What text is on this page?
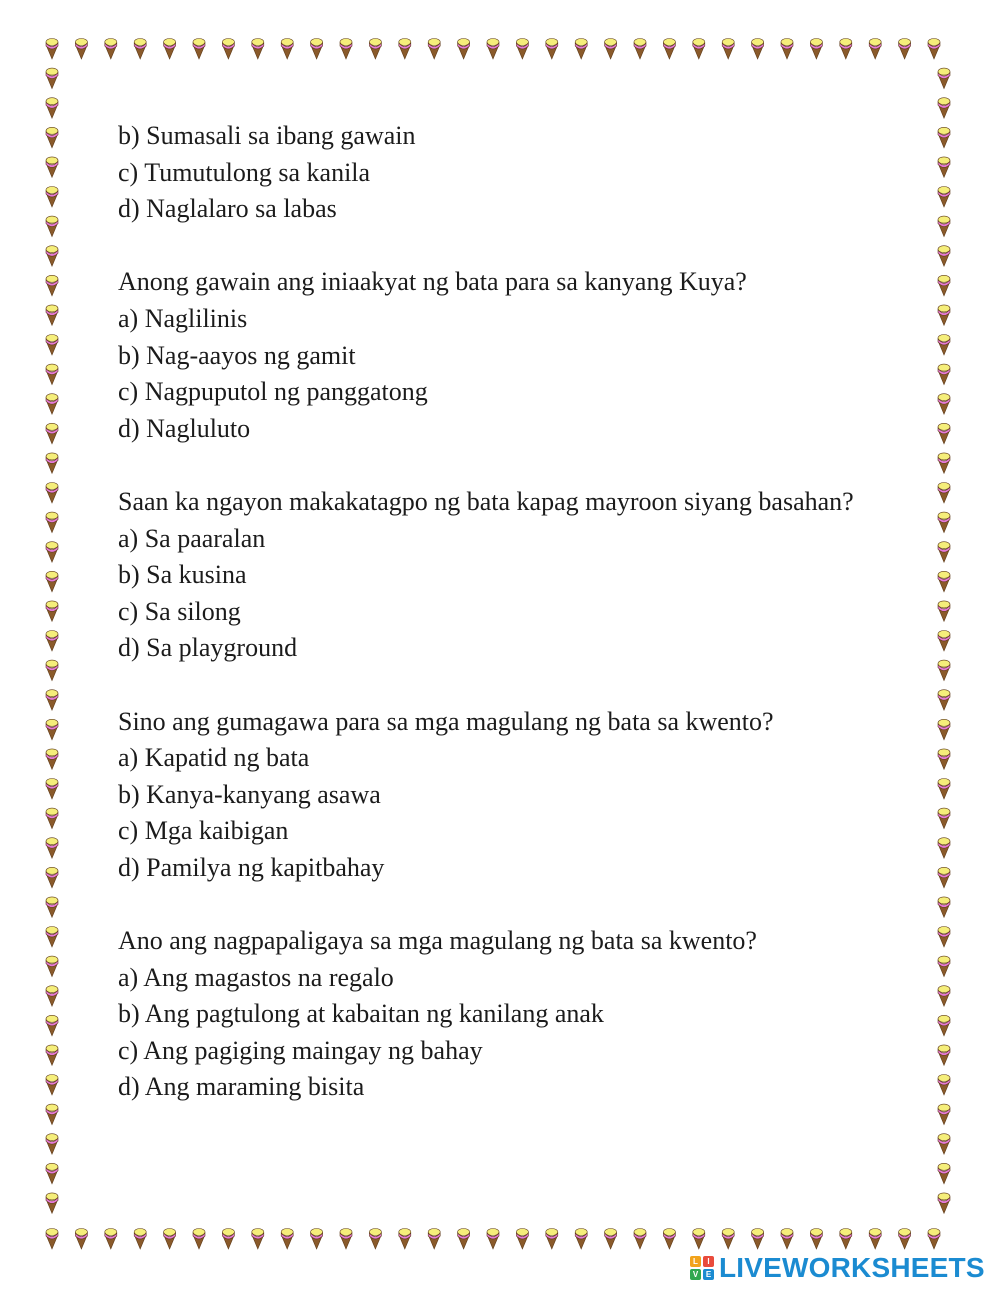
b) Sumasali sa ibang gawain

c) Tumutulong sa kanila

d) Naglalaro sa labas

Anong gawain ang iniaakyat ng bata para sa kanyang Kuya?

a) Naglilinis

b) Nag-aayos ng gamit

c) Nagpuputol ng panggatong

d) Nagluluto

Saan ka ngayon makakatagpo ng bata kapag mayroon siyang basahan?

a) Sa paaralan

b) Sa kusina

c) Sa silong

d) Sa playground

Sino ang gumagawa para sa mga magulang ng bata sa kwento?

a) Kapatid ng bata

b) Kanya-kanyang asawa

c) Mga kaibigan

d) Pamilya ng kapitbahay

Ano ang nagpapaligaya sa mga magulang ng bata sa kwento?

a) Ang magastos na regalo

b) Ang pagtulong at kabaitan ng kanilang anak

c) Ang pagiging maingay ng bahay

d) Ang maraming bisita

L	I
V E LIVEWORKSHEETS
